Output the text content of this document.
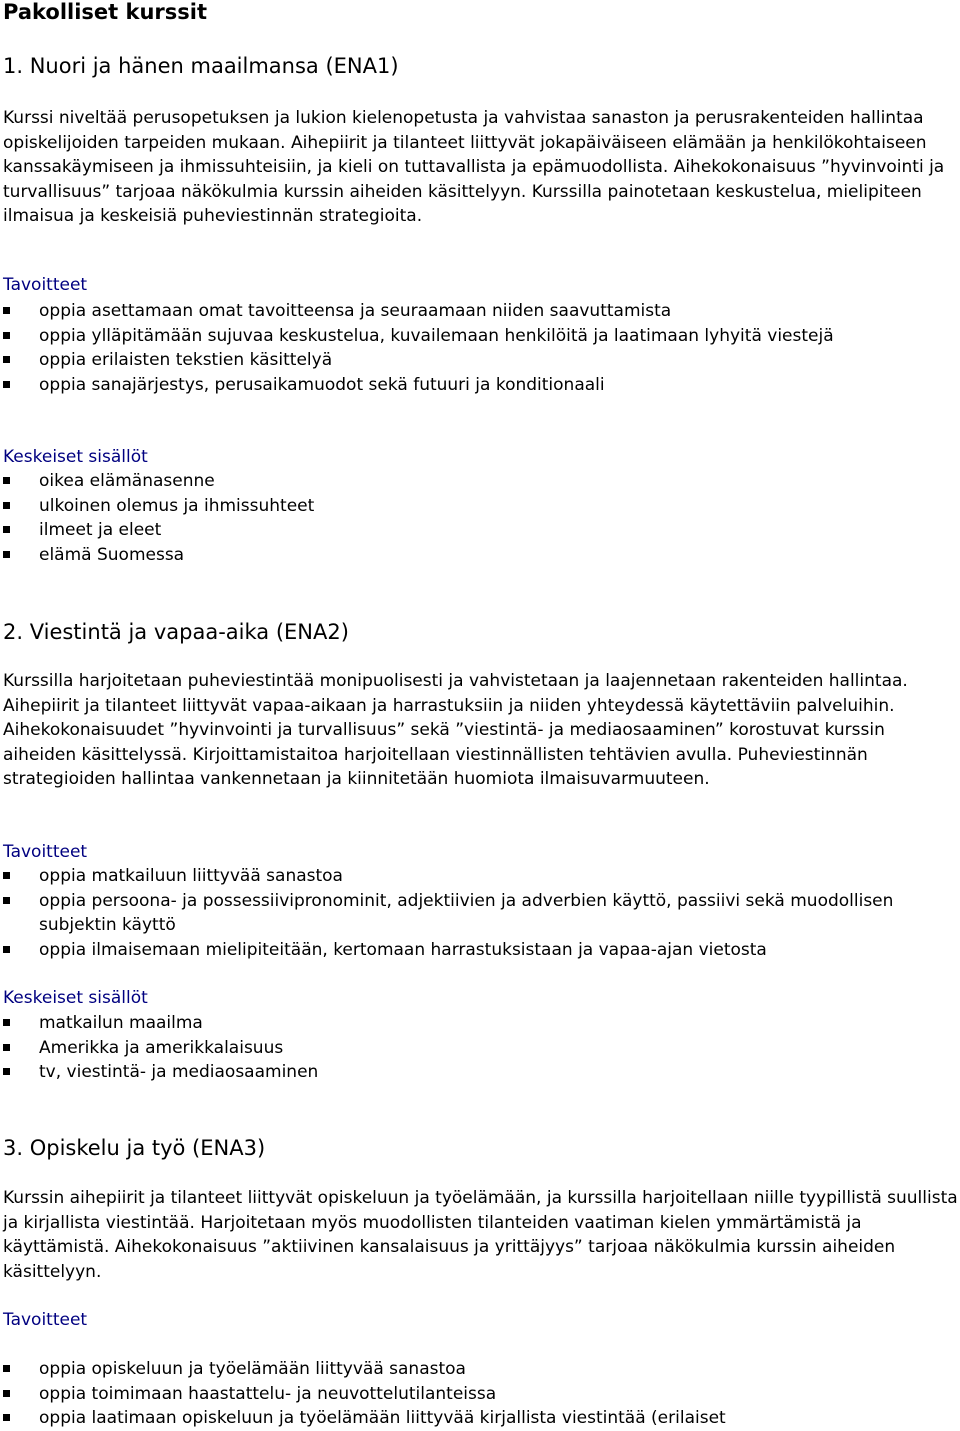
Pakolliset kurssit
1. Nuori ja hänen maailmansa (ENA1)
Kurssi niveltää perusopetuksen ja lukion kielenopetusta ja vahvistaa sanaston ja perusrakenteiden hallintaa opiskelijoiden tarpeiden mukaan. Aihepiirit ja tilanteet liittyvät jokapäiväiseen elämään ja henkilökohtaiseen kanssakäymiseen ja ihmissuhteisiin, ja kieli on tuttavallista ja epämuodollista. Aihekokonaisuus ”hyvinvointi ja turvallisuus” tarjoaa näkökulmia kurssin aiheiden käsittelyyn. Kurssilla painotetaan keskustelua, mielipiteen ilmaisua ja keskeisiä puheviestinnän strategioita.
Tavoitteet
oppia asettamaan omat tavoitteensa ja seuraamaan niiden saavuttamista
oppia ylläpitämään sujuvaa keskustelua, kuvailemaan henkilöitä ja laatimaan lyhyitä viestejä
oppia erilaisten tekstien käsittelyä
oppia sanajärjestys, perusaikamuodot sekä futuuri ja konditionaali
Keskeiset sisällöt
oikea elämänasenne
ulkoinen olemus ja ihmissuhteet
ilmeet ja eleet
elämä Suomessa
2. Viestintä ja vapaa-aika (ENA2)
Kurssilla harjoitetaan puheviestintää monipuolisesti ja vahvistetaan ja laajennetaan rakenteiden hallintaa. Aihepiirit ja tilanteet liittyvät vapaa-aikaan ja harrastuksiin ja niiden yhteydessä käytettäviin palveluihin. Aihekokonaisuudet ”hyvinvointi ja turvallisuus” sekä ”viestintä- ja mediaosaaminen” korostuvat kurssin aiheiden käsittelyssä. Kirjoittamistaitoa harjoitellaan viestinnällisten tehtävien avulla. Puheviestinnän strategioiden hallintaa vankennetaan ja kiinnitetään huomiota ilmaisuvarmuuteen.
Tavoitteet
oppia matkailuun liittyvää sanastoa
oppia persoona- ja possessiivipronominit, adjektiivien ja adverbien käyttö, passiivi sekä muodollisen subjektin käyttö
oppia ilmaisemaan mielipiteitään, kertomaan harrastuksistaan ja vapaa-ajan vietosta
Keskeiset sisällöt
matkailun maailma
Amerikka ja amerikkalaisuus
tv, viestintä- ja mediaosaaminen
3. Opiskelu ja työ (ENA3)
Kurssin aihepiirit ja tilanteet liittyvät opiskeluun ja työelämään, ja kurssilla harjoitellaan niille tyypillistä suullista ja kirjallista viestintää. Harjoitetaan myös muodollisten tilanteiden vaatiman kielen ymmärtämistä ja käyttämistä. Aihekokonaisuus ”aktiivinen kansalaisuus ja yrittäjyys” tarjoaa näkökulmia kurssin aiheiden käsittelyyn.
Tavoitteet
oppia opiskeluun ja työelämään liittyvää sanastoa
oppia toimimaan haastattelu- ja neuvottelutilanteissa
oppia laatimaan opiskeluun ja työelämään liittyvää kirjallista viestintää (erilaiset
